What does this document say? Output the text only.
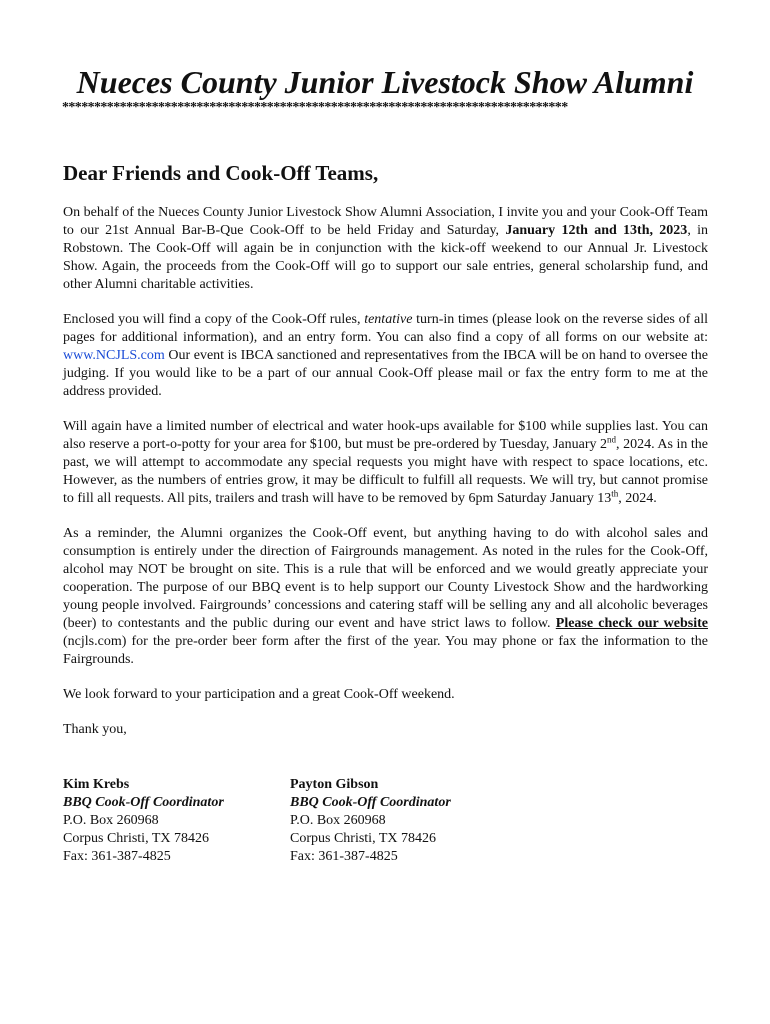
Nueces County Junior Livestock Show Alumni
*******************************************************************************
Dear Friends and Cook-Off Teams,

On behalf of the Nueces County Junior Livestock Show Alumni Association, I invite you and your Cook-Off Team to our 21st Annual Bar-B-Que Cook-Off to be held Friday and Saturday, January 12th and 13th, 2023, in Robstown. The Cook-Off will again be in conjunction with the kick-off weekend to our Annual Jr. Livestock Show. Again, the proceeds from the Cook-Off will go to support our sale entries, general scholarship fund, and other Alumni charitable activities.

Enclosed you will find a copy of the Cook-Off rules, tentative turn-in times (please look on the reverse sides of all pages for additional information), and an entry form. You can also find a copy of all forms on our website at: www.NCJLS.com Our event is IBCA sanctioned and representatives from the IBCA will be on hand to oversee the judging. If you would like to be a part of our annual Cook-Off please mail or fax the entry form to me at the address provided.

Will again have a limited number of electrical and water hook-ups available for $100 while supplies last. You can also reserve a port-o-potty for your area for $100, but must be pre-ordered by Tuesday, January 2nd, 2024. As in the past, we will attempt to accommodate any special requests you might have with respect to space locations, etc. However, as the numbers of entries grow, it may be difficult to fulfill all requests. We will try, but cannot promise to fill all requests. All pits, trailers and trash will have to be removed by 6pm Saturday January 13th, 2024.

As a reminder, the Alumni organizes the Cook-Off event, but anything having to do with alcohol sales and consumption is entirely under the direction of Fairgrounds management. As noted in the rules for the Cook-Off, alcohol may NOT be brought on site. This is a rule that will be enforced and we would greatly appreciate your cooperation. The purpose of our BBQ event is to help support our County Livestock Show and the hardworking young people involved. Fairgrounds’ concessions and catering staff will be selling any and all alcoholic beverages (beer) to contestants and the public during our event and have strict laws to follow. Please check our website (ncjls.com) for the pre-order beer form after the first of the year. You may phone or fax the information to the Fairgrounds.

We look forward to your participation and a great Cook-Off weekend.

Thank you,

Kim Krebs
BBQ Cook-Off Coordinator
P.O. Box 260968
Corpus Christi, TX 78426
Fax: 361-387-4825
Payton Gibson
BBQ Cook-Off Coordinator
P.O. Box 260968
Corpus Christi, TX 78426
Fax: 361-387-4825
